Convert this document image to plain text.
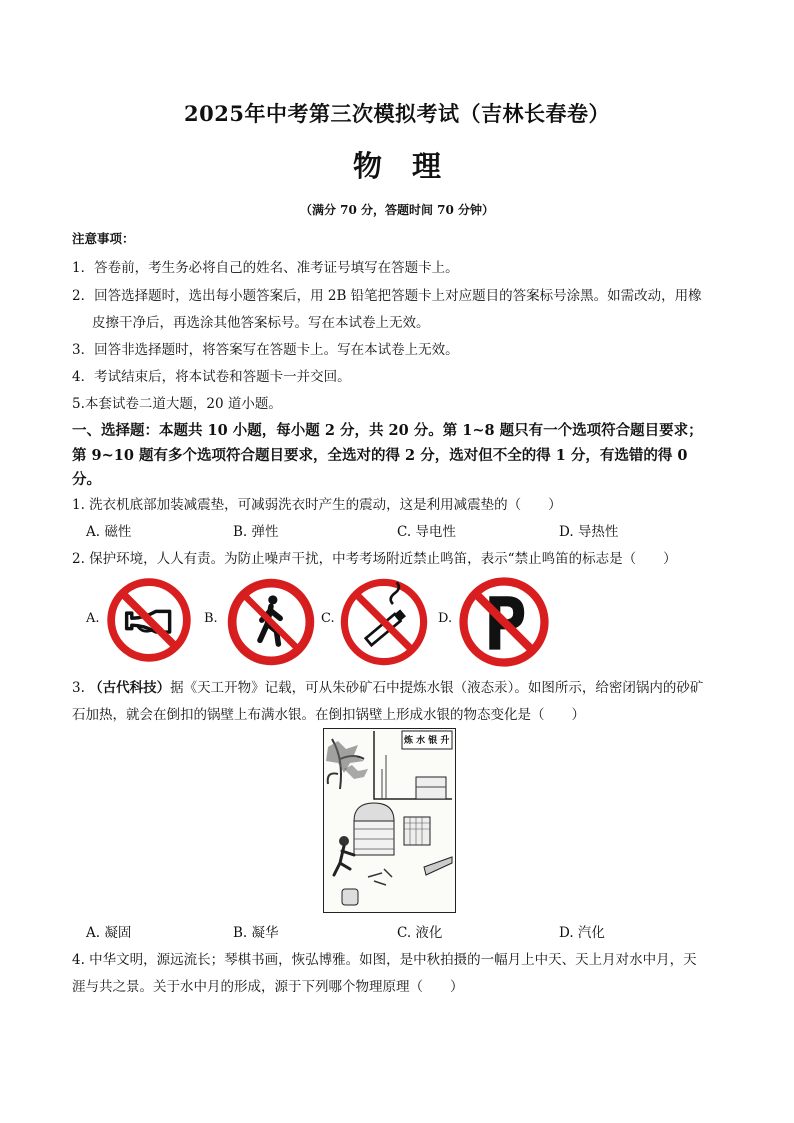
2025年中考第三次模拟考试（吉林长春卷）
物理
（满分 70 分，答题时间 70 分钟）
注意事项：
1．答卷前，考生务必将自己的姓名、准考证号填写在答题卡上。
2．回答选择题时，选出每小题答案后，用 2B 铅笔把答题卡上对应题目的答案标号涂黑。如需改动，用橡
皮擦干净后，再选涂其他答案标号。写在本试卷上无效。
3．回答非选择题时，将答案写在答题卡上。写在本试卷上无效。
4．考试结束后，将本试卷和答题卡一并交回。
5.本套试卷二道大题，20 道小题。
一、选择题：本题共 10 小题，每小题 2 分，共 20 分。第 1~8 题只有一个选项符合题目要求；
第 9~10 题有多个选项符合题目要求，全选对的得 2 分，选对但不全的得 1 分，有选错的得 0
分。
1. 洗衣机底部加装减震垫，可减弱洗衣时产生的震动，这是利用减震垫的（　　）
A. 磁性	B. 弹性	C. 导电性	D. 导热性
2. 保护环境，人人有责。为防止噪声干扰，中考考场附近禁止鸣笛，表示“禁止鸣笛的标志是（　　）
A.	B.	C.	D.
3. （古代科技）据《天工开物》记载，可从朱砂矿石中提炼水银（液态汞）。如图所示，给密闭锅内的砂矿
石加热，就会在倒扣的锅壁上布满水银。在倒扣锅壁上形成水银的物态变化是（　　）
炼 水 银 升
A. 凝固	B. 凝华	C. 液化	D. 汽化
4. 中华文明，源远流长；琴棋书画，恢弘博雅。如图，是中秋拍摄的一幅月上中天、天上月对水中月，天
涯与共之景。关于水中月的形成，源于下列哪个物理原理（　　）
